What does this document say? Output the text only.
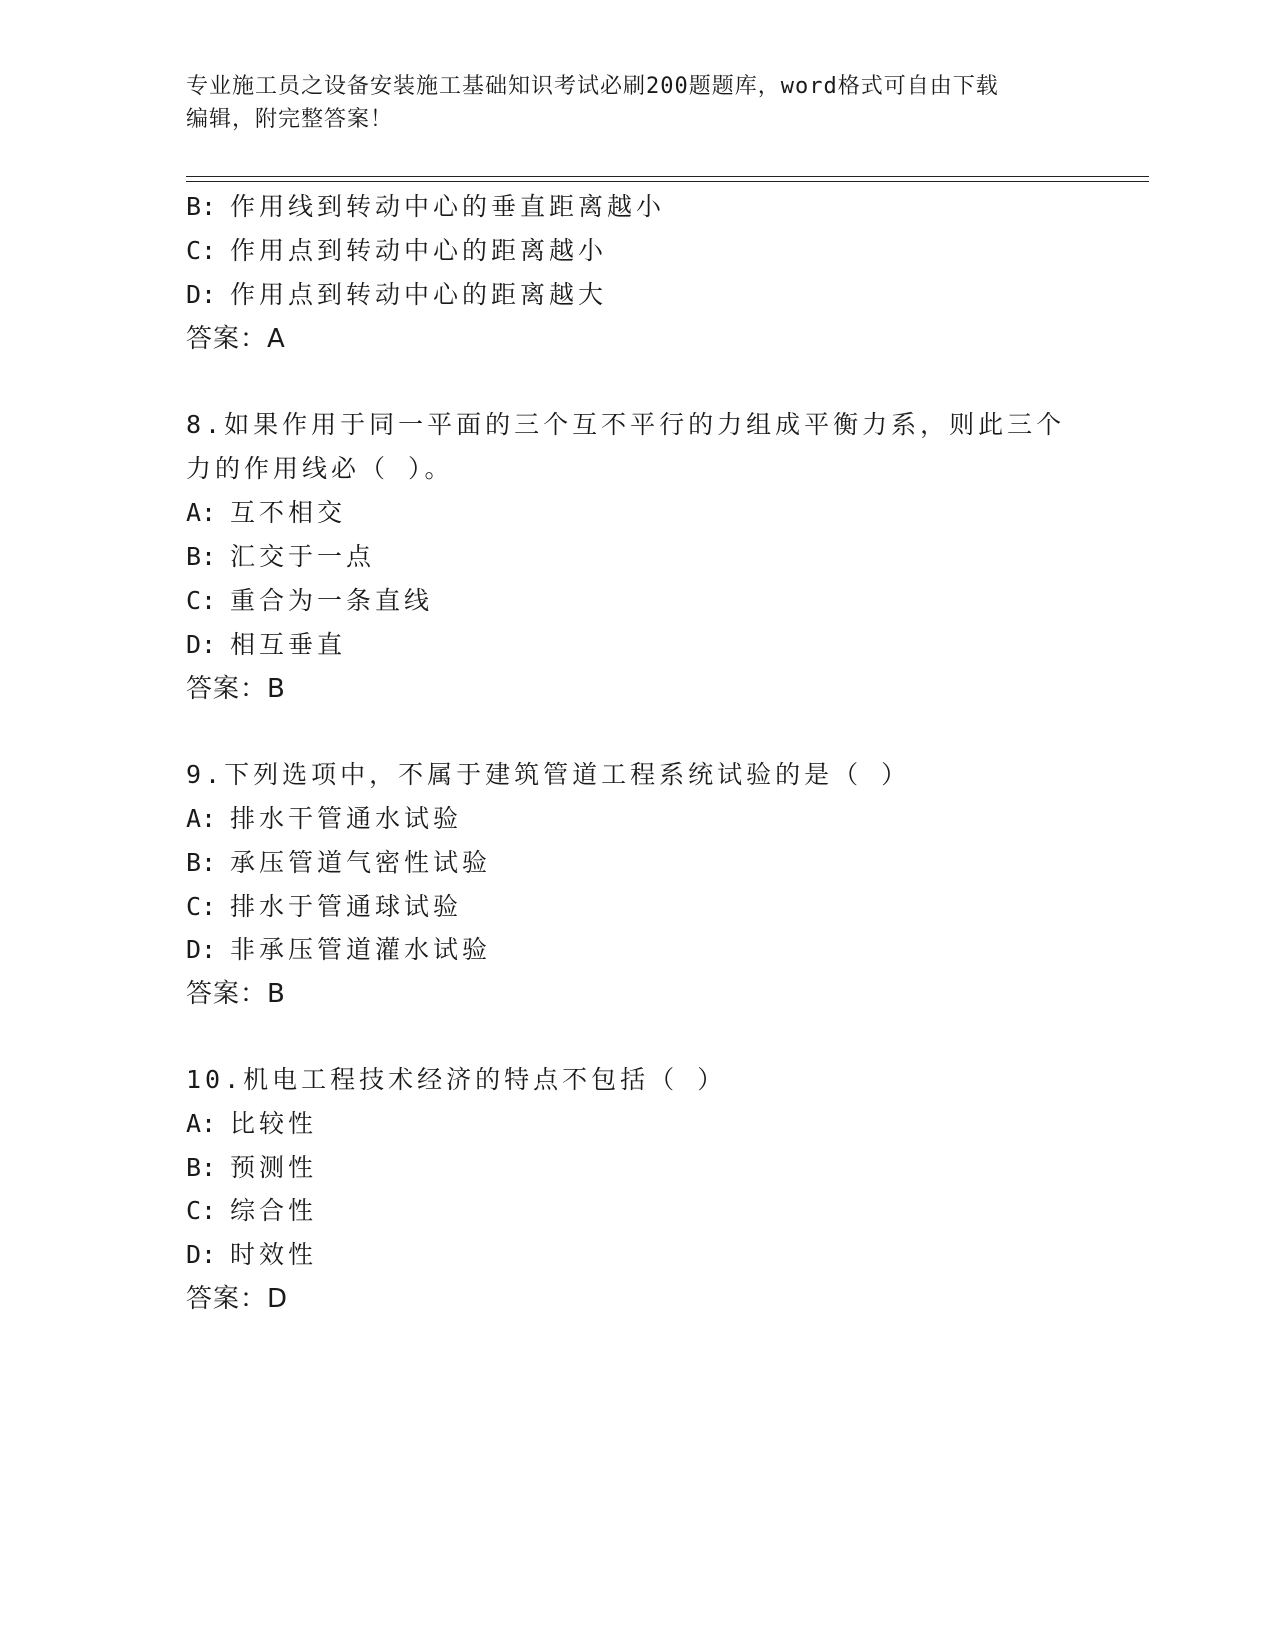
专业施工员之设备安装施工基础知识考试必刷200题题库，word格式可自由下载
编辑，附完整答案！
B: 作用线到转动中心的垂直距离越小
C: 作用点到转动中心的距离越小
D: 作用点到转动中心的距离越大
答案：A
8.如果作用于同一平面的三个互不平行的力组成平衡力系，则此三个
力的作用线必（ ）。
A: 互不相交
B: 汇交于一点
C: 重合为一条直线
D: 相互垂直
答案：B
9.下列选项中，不属于建筑管道工程系统试验的是（ ）
A: 排水干管通水试验
B: 承压管道气密性试验
C: 排水于管通球试验
D: 非承压管道灌水试验
答案：B
10.机电工程技术经济的特点不包括（ ）
A: 比较性
B: 预测性
C: 综合性
D: 时效性
答案：D
